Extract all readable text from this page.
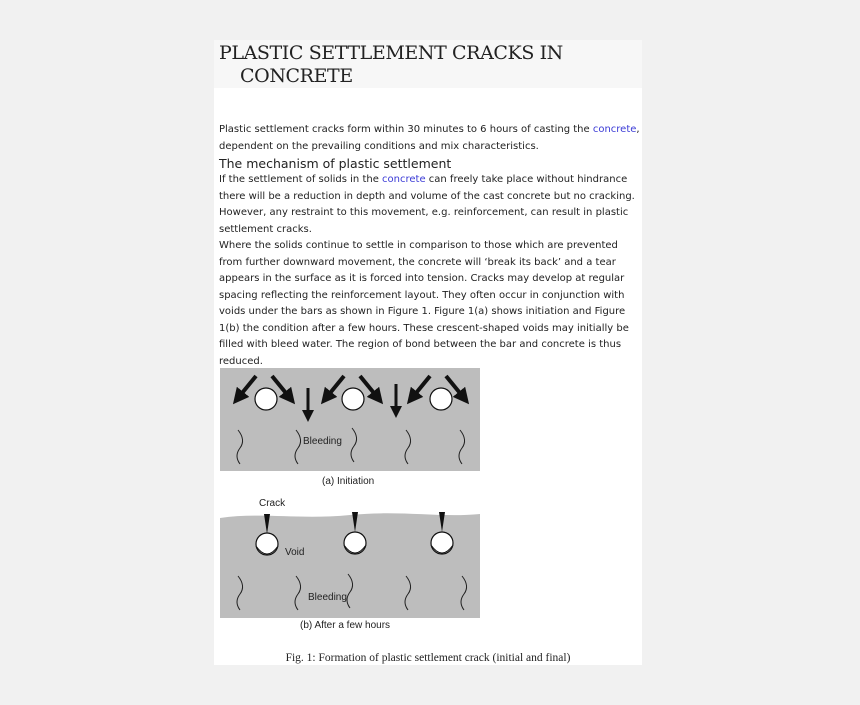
PLASTIC SETTLEMENT CRACKS IN
CONCRETE

Plastic settlement cracks form within 30 minutes to 6 hours of casting the concrete, dependent on the prevailing conditions and mix characteristics.

The mechanism of plastic settlement

If the settlement of solids in the concrete can freely take place without hindrance there will be a reduction in depth and volume of the cast concrete but no cracking. However, any restraint to this movement, e.g. reinforcement, can result in plastic settlement cracks.

Where the solids continue to settle in comparison to those which are prevented from further downward movement, the concrete will ‘break its back’ and a tear appears in the surface as it is forced into tension. Cracks may develop at regular spacing reflecting the reinforcement layout. They often occur in conjunction with voids under the bars as shown in Figure 1. Figure 1(a) shows initiation and Figure 1(b) the condition after a few hours. These crescent-shaped voids may initially be filled with bleed water. The region of bond between the bar and concrete is thus reduced.

Bleeding
(a) Initiation
Crack
Void
Bleeding
(b) After a few hours
Fig. 1: Formation of plastic settlement crack (initial and final)
